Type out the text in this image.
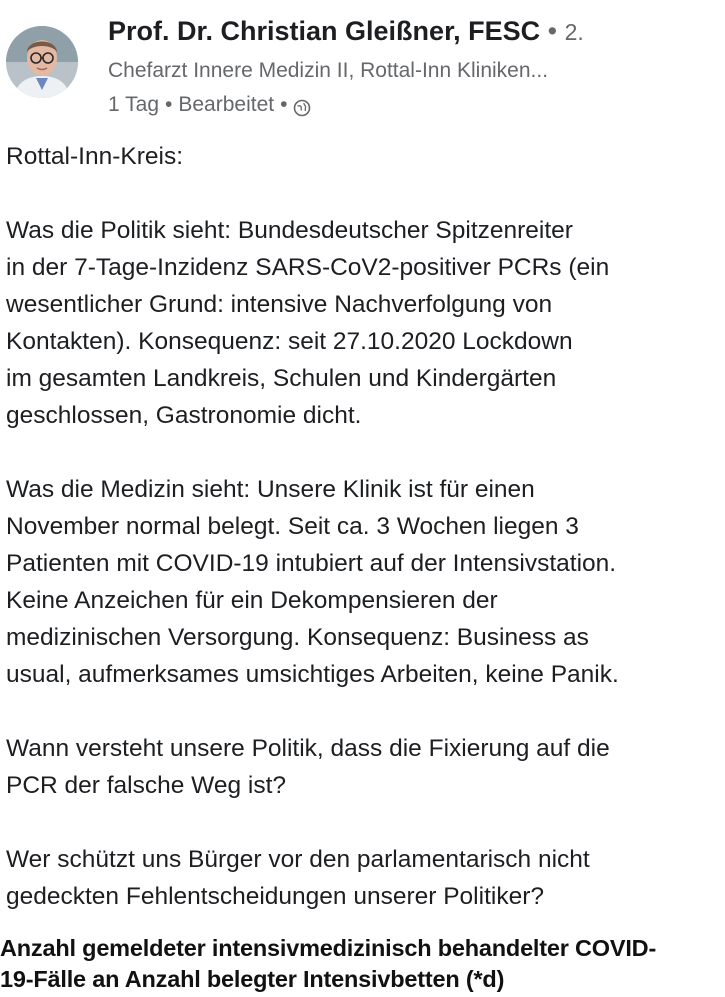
Prof. Dr. Christian Gleißner, FESC • 2.
Chefarzt Innere Medizin II, Rottal-Inn Kliniken...
1 Tag • Bearbeitet •

Rottal-Inn-Kreis:

Was die Politik sieht: Bundesdeutscher Spitzenreiter
in der 7-Tage-Inzidenz SARS-CoV2-positiver PCRs (ein
wesentlicher Grund: intensive Nachverfolgung von
Kontakten). Konsequenz: seit 27.10.2020 Lockdown
im gesamten Landkreis, Schulen und Kindergärten
geschlossen, Gastronomie dicht.

Was die Medizin sieht: Unsere Klinik ist für einen
November normal belegt. Seit ca. 3 Wochen liegen 3
Patienten mit COVID-19 intubiert auf der Intensivstation.
Keine Anzeichen für ein Dekompensieren der
medizinischen Versorgung. Konsequenz: Business as
usual, aufmerksames umsichtiges Arbeiten, keine Panik.

Wann versteht unsere Politik, dass die Fixierung auf die
PCR der falsche Weg ist?

Wer schützt uns Bürger vor den parlamentarisch nicht
gedeckten Fehlentscheidungen unserer Politiker?

Anzahl gemeldeter intensivmedizinisch behandelter COVID-

19-Fälle an Anzahl belegter Intensivbetten (*d)
